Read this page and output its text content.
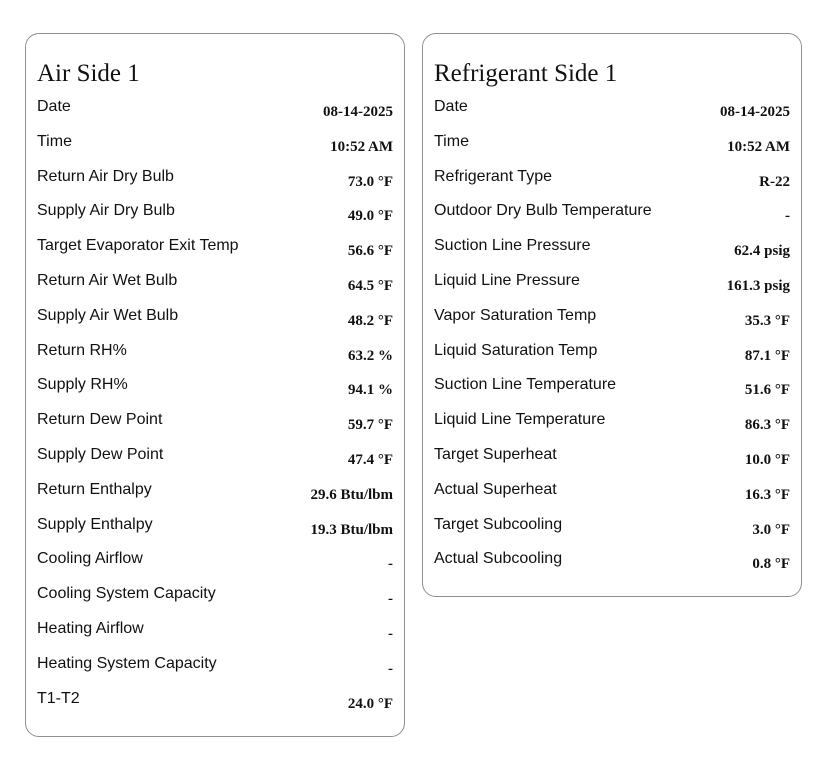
Air Side 1
Date	08-14-2025
Time	10:52 AM
Return Air Dry Bulb	73.0 °F
Supply Air Dry Bulb	49.0 °F
Target Evaporator Exit Temp	56.6 °F
Return Air Wet Bulb	64.5 °F
Supply Air Wet Bulb	48.2 °F
Return RH%	63.2 %
Supply RH%	94.1 %
Return Dew Point	59.7 °F
Supply Dew Point	47.4 °F
Return Enthalpy	29.6 Btu/lbm
Supply Enthalpy	19.3 Btu/lbm
Cooling Airflow	-
Cooling System Capacity	-
Heating Airflow	-
Heating System Capacity	-
T1-T2	24.0 °F
Refrigerant Side 1
Date	08-14-2025
Time	10:52 AM
Refrigerant Type	R-22
Outdoor Dry Bulb Temperature	-
Suction Line Pressure	62.4 psig
Liquid Line Pressure	161.3 psig
Vapor Saturation Temp	35.3 °F
Liquid Saturation Temp	87.1 °F
Suction Line Temperature	51.6 °F
Liquid Line Temperature	86.3 °F
Target Superheat	10.0 °F
Actual Superheat	16.3 °F
Target Subcooling	3.0 °F
Actual Subcooling	0.8 °F
